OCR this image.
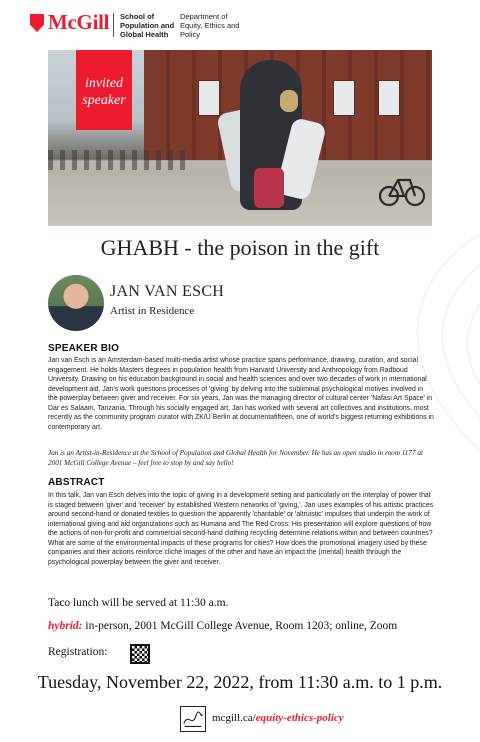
McGill School of
Population and
Global Health
Department of
Equity, Ethics and
Policy
invited
speaker
GHABH - the poison in the gift
JAN VAN ESCH
Artist in Residence
SPEAKER BIO
Jan van Esch is an Amsterdam-based multi-media artist whose practice spans performance, drawing, curation, and social engagement. He holds Masters degrees in population health from Harvard University and Anthropology from Radboud University. Drawing on his education background in social and health sciences and over two decades of work in international development aid, Jan's work questions processes of 'giving' by delving into the subliminal psychological motives involved in the powerplay between giver and receiver. For six years, Jan was the managing director of cultural center 'Nafasi Art Space' in Dar es Salaam, Tanzania. Through his socially engaged art, Jan has worked with several art collectives and institutions, most recently as the community program curator with ZK/U Berlin at documentafifteen, one of world's biggest returning exhibitions in contemporary art.
Jan is an Artist-in-Residence at the School of Population and Global Health for November. He has an open studio in room 1177 at 2001 McGill College Avenue – feel free to stop by and say hello!
ABSTRACT
In this talk, Jan van Esch delves into the topic of giving in a development setting and particularly on the interplay of power that is staged between 'giver' and 'receiver' by established Western networks of 'giving,'. Jan uses examples of his artistic practices around second-hand or donated textiles to question the apparently 'charitable' or 'altruistic' impulses that underpin the work of international giving and aid organizations such as Humana and The Red Cross. His presentation will explore questions of how the actions of non-for-profit and commercial second-hand clothing recycling determine relations within and between countries? What are some of the environmental impacts of these programs for cities? How does the promotional imagery used by these companies and their actions reinforce cliché images of the other and have an impact the (mental) health through the psychological powerplay between the giver and receiver.
Taco lunch will be served at 11:30 a.m.
hybrid: in-person, 2001 McGill College Avenue, Room 1203; online, Zoom
Registration:
Tuesday, November 22, 2022, from 11:30 a.m. to 1 p.m.
mcgill.ca/equity-ethics-policy
